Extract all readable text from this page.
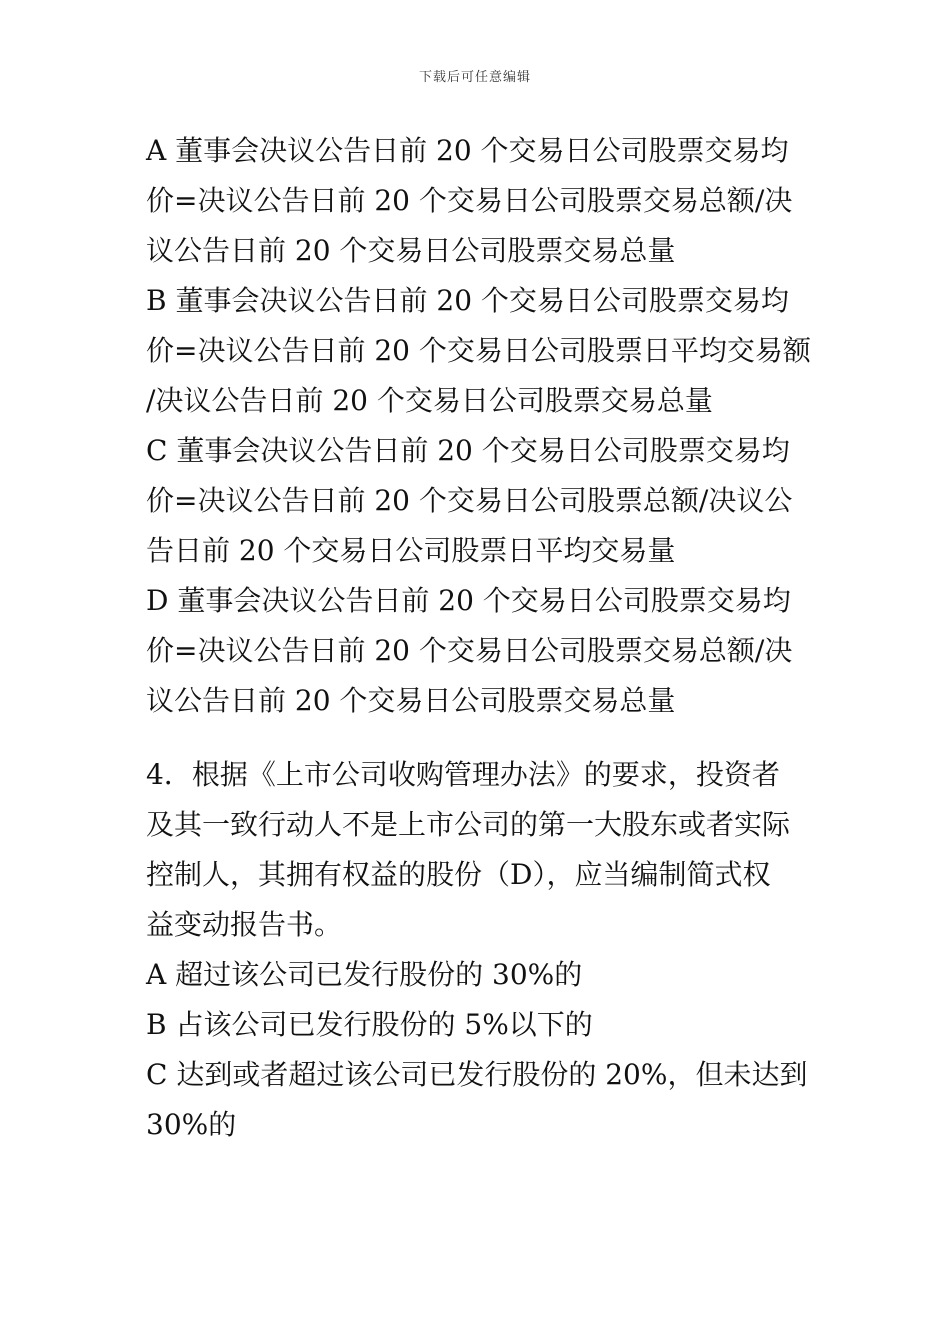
下载后可任意编辑
A 董事会决议公告日前 20 个交易日公司股票交易均
价=决议公告日前 20 个交易日公司股票交易总额/决
议公告日前 20 个交易日公司股票交易总量
B 董事会决议公告日前 20 个交易日公司股票交易均
价=决议公告日前 20 个交易日公司股票日平均交易额
/决议公告日前 20 个交易日公司股票交易总量
C 董事会决议公告日前 20 个交易日公司股票交易均
价=决议公告日前 20 个交易日公司股票总额/决议公
告日前 20 个交易日公司股票日平均交易量
D 董事会决议公告日前 20 个交易日公司股票交易均
价=决议公告日前 20 个交易日公司股票交易总额/决
议公告日前 20 个交易日公司股票交易总量
4．根据《上市公司收购管理办法》的要求，投资者
及其一致行动人不是上市公司的第一大股东或者实际
控制人，其拥有权益的股份（D），应当编制简式权
益变动报告书。
A 超过该公司已发行股份的 30%的
B 占该公司已发行股份的 5%以下的
C 达到或者超过该公司已发行股份的 20%，但未达到
30%的
